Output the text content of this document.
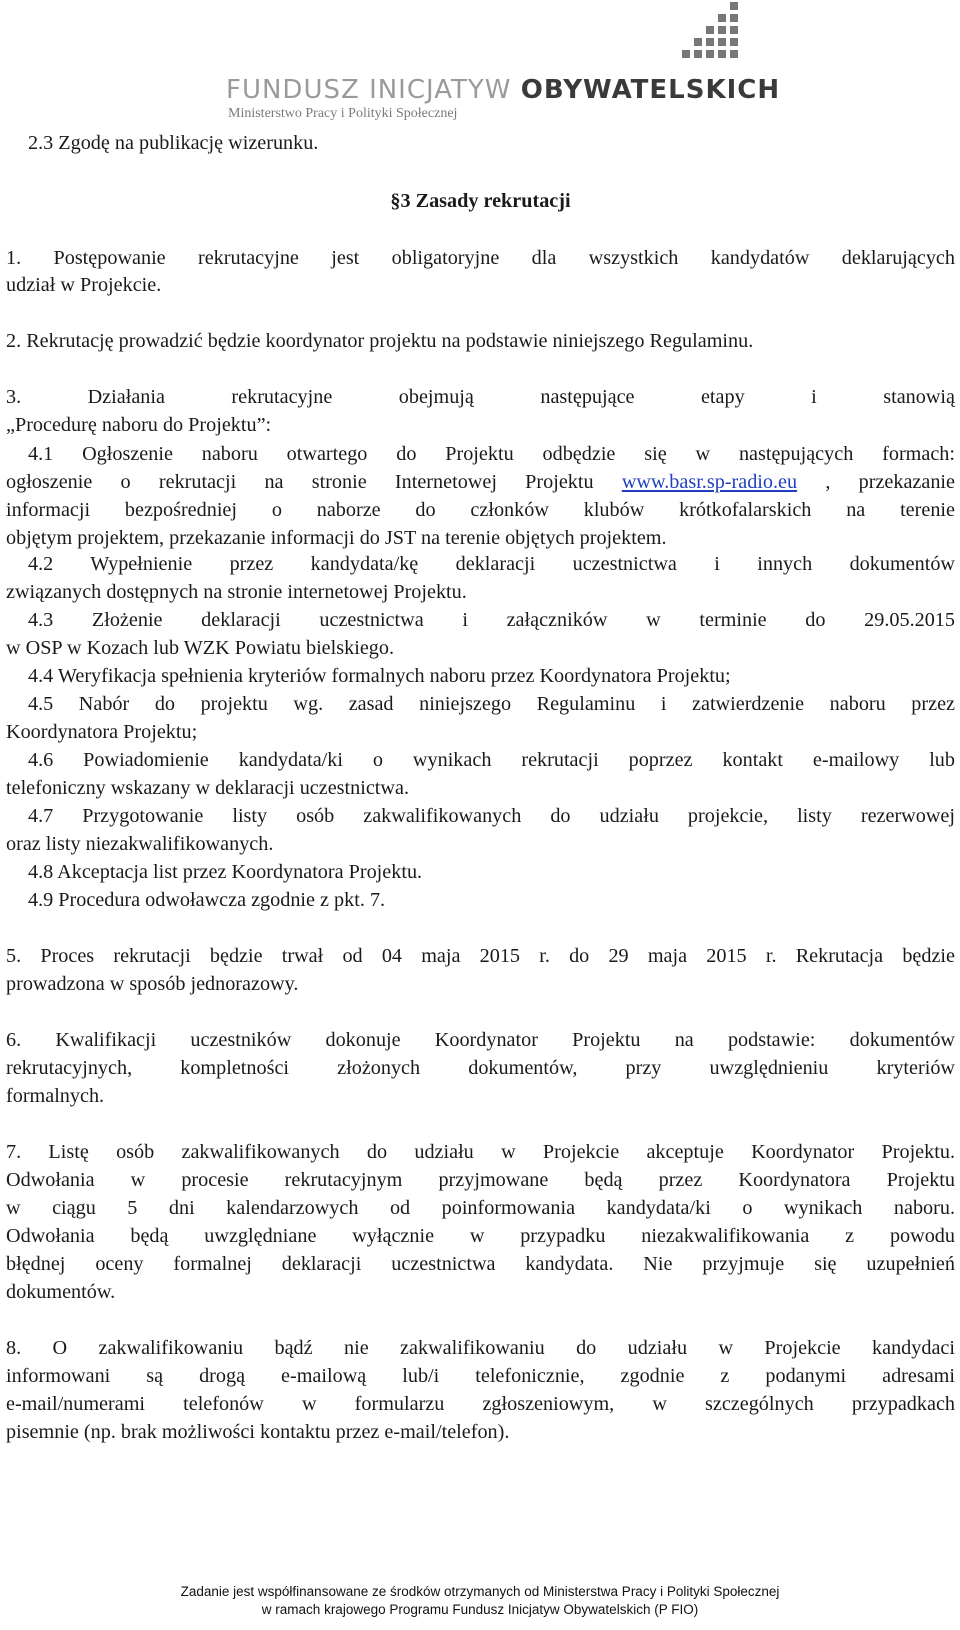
FUNDUSZ INICJATYW OBYWATELSKICH
Ministerstwo Pracy i Polityki Społecznej
2.3 Zgodę na publikację wizerunku.
§3 Zasady rekrutacji
1. Postępowanie rekrutacyjne jest obligatoryjne dla wszystkich kandydatów deklarujących
udział w Projekcie.
2. Rekrutację prowadzić będzie koordynator projektu na podstawie niniejszego Regulaminu.
3. Działania rekrutacyjne obejmują następujące etapy i stanowią
„Procedurę naboru do Projektu”:
4.1 Ogłoszenie naboru otwartego do Projektu odbędzie się w następujących formach:
ogłoszenie o rekrutacji na stronie Internetowej Projektu www.basr.sp-radio.eu , przekazanie
informacji bezpośredniej o naborze do członków klubów krótkofalarskich na terenie
objętym projektem, przekazanie informacji do JST na terenie objętych projektem.
4.2 Wypełnienie przez kandydata/kę deklaracji uczestnictwa i innych dokumentów
związanych dostępnych na stronie internetowej Projektu.
4.3 Złożenie deklaracji uczestnictwa i załączników w terminie do 29.05.2015
w OSP w Kozach lub WZK Powiatu bielskiego.
4.4 Weryfikacja spełnienia kryteriów formalnych naboru przez Koordynatora Projektu;
4.5 Nabór do projektu wg. zasad niniejszego Regulaminu i zatwierdzenie naboru przez
Koordynatora Projektu;
4.6 Powiadomienie kandydata/ki o wynikach rekrutacji poprzez kontakt e-mailowy lub
telefoniczny wskazany w deklaracji uczestnictwa.
4.7 Przygotowanie listy osób zakwalifikowanych do udziału projekcie, listy rezerwowej
oraz listy niezakwalifikowanych.
4.8 Akceptacja list przez Koordynatora Projektu.
4.9 Procedura odwoławcza zgodnie z pkt. 7.
5. Proces rekrutacji będzie trwał od 04 maja 2015 r. do 29 maja 2015 r. Rekrutacja będzie
prowadzona w sposób jednorazowy.
6. Kwalifikacji uczestników dokonuje Koordynator Projektu na podstawie: dokumentów
rekrutacyjnych, kompletności złożonych dokumentów, przy uwzględnieniu kryteriów
formalnych.
7. Listę osób zakwalifikowanych do udziału w Projekcie akceptuje Koordynator Projektu.
Odwołania w procesie rekrutacyjnym przyjmowane będą przez Koordynatora Projektu
w ciągu 5 dni kalendarzowych od poinformowania kandydata/ki o wynikach naboru.
Odwołania będą uwzględniane wyłącznie w przypadku niezakwalifikowania z powodu
błędnej oceny formalnej deklaracji uczestnictwa kandydata. Nie przyjmuje się uzupełnień
dokumentów.
8. O zakwalifikowaniu bądź nie zakwalifikowaniu do udziału w Projekcie kandydaci
informowani są drogą e-mailową lub/i telefonicznie, zgodnie z podanymi adresami
e-mail/numerami telefonów w formularzu zgłoszeniowym, w szczególnych przypadkach
pisemnie (np. brak możliwości kontaktu przez e-mail/telefon).
Zadanie jest współfinansowane ze środków otrzymanych od Ministerstwa Pracy i Polityki Społecznej
w ramach krajowego Programu Fundusz Inicjatyw Obywatelskich (P FIO)
